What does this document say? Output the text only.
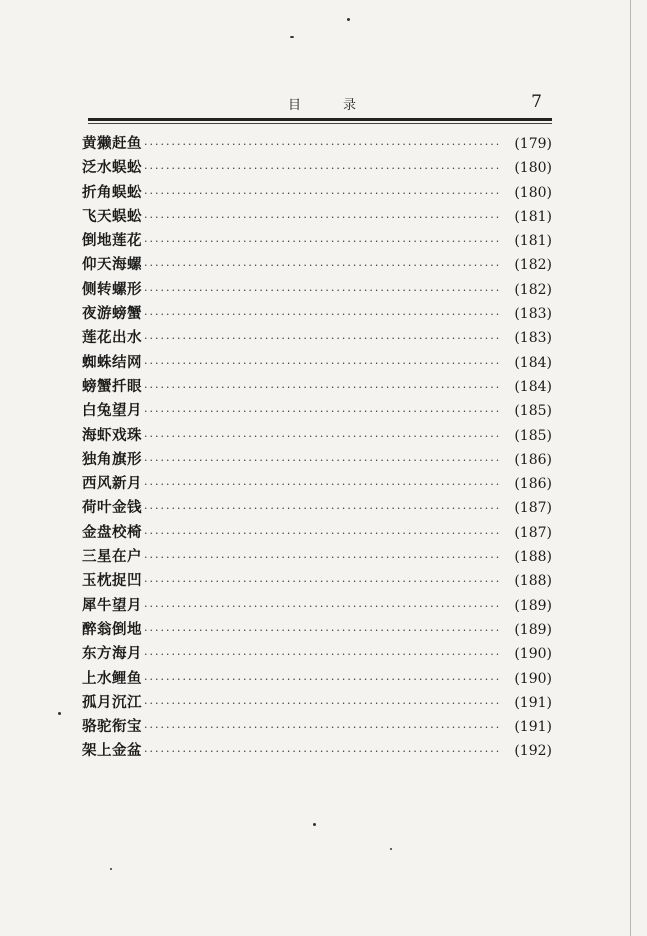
目	录	7
黄獭赶鱼 ·····	(179)
泛水蜈蚣 ·····	(180)
折角蜈蚣 ·····	(180)
飞天蜈蚣 ·····	(181)
倒地莲花 ·····	(181)
仰天海螺 ·····	(182)
侧转螺形 ·····	(182)
夜游螃蟹 ·····	(183)
莲花出水 ·····	(183)
蜘蛛结网 ·····	(184)
螃蟹扦眼 ·····	(184)
白兔望月 ·····	(185)
海虾戏珠 ·····	(185)
独角旗形 ·····	(186)
西风新月 ·····	(186)
荷叶金钱 ·····	(187)
金盘校椅 ·····	(187)
三星在户 ·····	(188)
玉枕捉凹 ·····	(188)
犀牛望月 ·····	(189)
醉翁倒地 ·····	(189)
东方海月 ·····	(190)
上水鲤鱼 ·····	(190)
孤月沉江 ·····	(191)
骆驼衔宝 ·····	(191)
架上金盆 ·····	(192)
